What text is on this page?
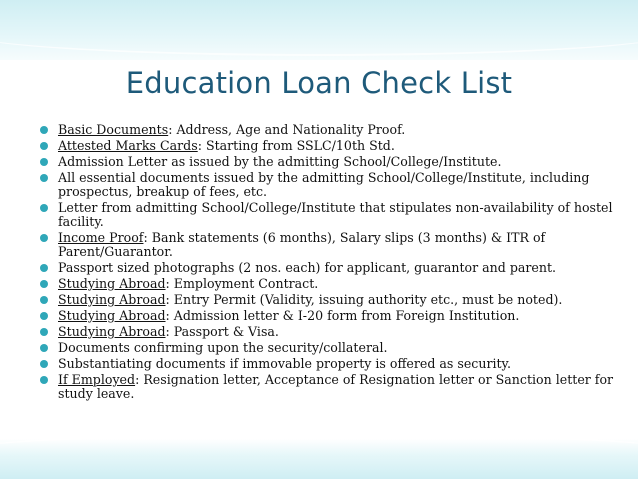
Education Loan Check List
Basic Documents: Address, Age and Nationality Proof.
Attested Marks Cards: Starting from SSLC/10th Std.
Admission Letter as issued by the admitting School/College/Institute.
All essential documents issued by the admitting School/College/Institute, including prospectus, breakup of fees, etc.
Letter from admitting School/College/Institute that stipulates non-availability of hostel facility.
Income Proof: Bank statements (6 months), Salary slips (3 months) & ITR of Parent/Guarantor.
Passport sized photographs (2 nos. each) for applicant, guarantor and parent.
Studying Abroad: Employment Contract.
Studying Abroad: Entry Permit (Validity, issuing authority etc., must be noted).
Studying Abroad: Admission letter & I-20 form from Foreign Institution.
Studying Abroad: Passport & Visa.
Documents confirming upon the security/collateral.
Substantiating documents if immovable property is offered as security.
If Employed: Resignation letter, Acceptance of Resignation letter or Sanction letter for study leave.
